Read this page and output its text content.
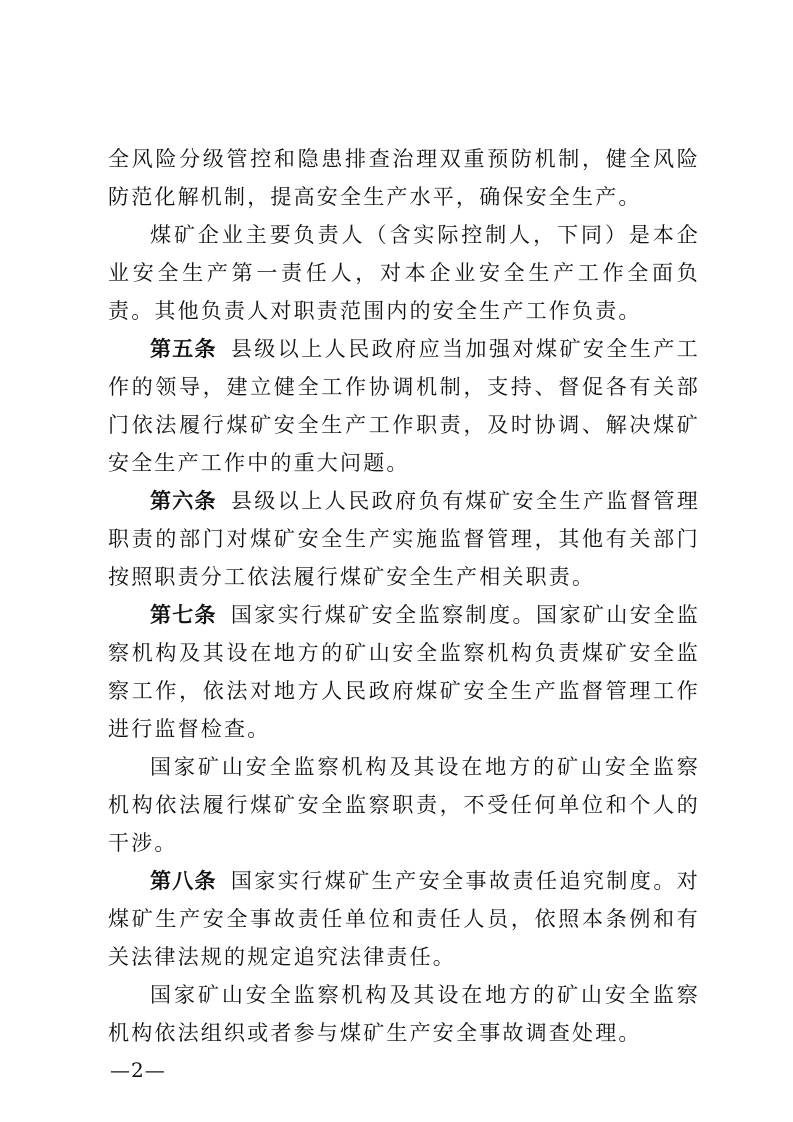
全风险分级管控和隐患排查治理双重预防机制，健全风险防范化解机制，提高安全生产水平，确保安全生产。

煤矿企业主要负责人（含实际控制人，下同）是本企业安全生产第一责任人，对本企业安全生产工作全面负责。其他负责人对职责范围内的安全生产工作负责。

第五条 县级以上人民政府应当加强对煤矿安全生产工作的领导，建立健全工作协调机制，支持、督促各有关部门依法履行煤矿安全生产工作职责，及时协调、解决煤矿安全生产工作中的重大问题。

第六条 县级以上人民政府负有煤矿安全生产监督管理职责的部门对煤矿安全生产实施监督管理，其他有关部门按照职责分工依法履行煤矿安全生产相关职责。

第七条 国家实行煤矿安全监察制度。国家矿山安全监察机构及其设在地方的矿山安全监察机构负责煤矿安全监察工作，依法对地方人民政府煤矿安全生产监督管理工作进行监督检查。

国家矿山安全监察机构及其设在地方的矿山安全监察机构依法履行煤矿安全监察职责，不受任何单位和个人的干涉。

第八条 国家实行煤矿生产安全事故责任追究制度。对煤矿生产安全事故责任单位和责任人员，依照本条例和有关法律法规的规定追究法律责任。

国家矿山安全监察机构及其设在地方的矿山安全监察机构依法组织或者参与煤矿生产安全事故调查处理。

—2—
